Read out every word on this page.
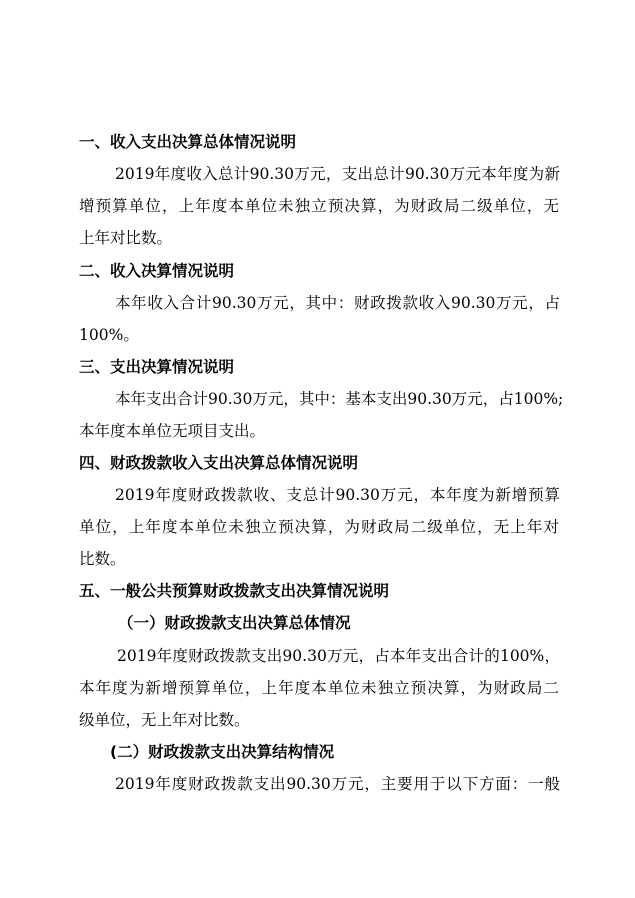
一、收入支出决算总体情况说明

2019年度收入总计90.30万元，支出总计90.30万元本年度为新

增预算单位，上年度本单位未独立预决算，为财政局二级单位，无

上年对比数。

二、收入决算情况说明

本年收入合计90.30万元，其中：财政拨款收入90.30万元，占

100%。

三、支出决算情况说明

本年支出合计90.30万元，其中：基本支出90.30万元，占100%;

本年度本单位无项目支出。

四、财政拨款收入支出决算总体情况说明

2019年度财政拨款收、支总计90.30万元，本年度为新增预算

单位，上年度本单位未独立预决算，为财政局二级单位，无上年对

比数。

五、一般公共预算财政拨款支出决算情况说明

（一）财政拨款支出决算总体情况

2019年度财政拨款支出90.30万元，占本年支出合计的100%，

本年度为新增预算单位，上年度本单位未独立预决算，为财政局二

级单位，无上年对比数。

(二）财政拨款支出决算结构情况

2019年度财政拨款支出90.30万元，主要用于以下方面：一般
